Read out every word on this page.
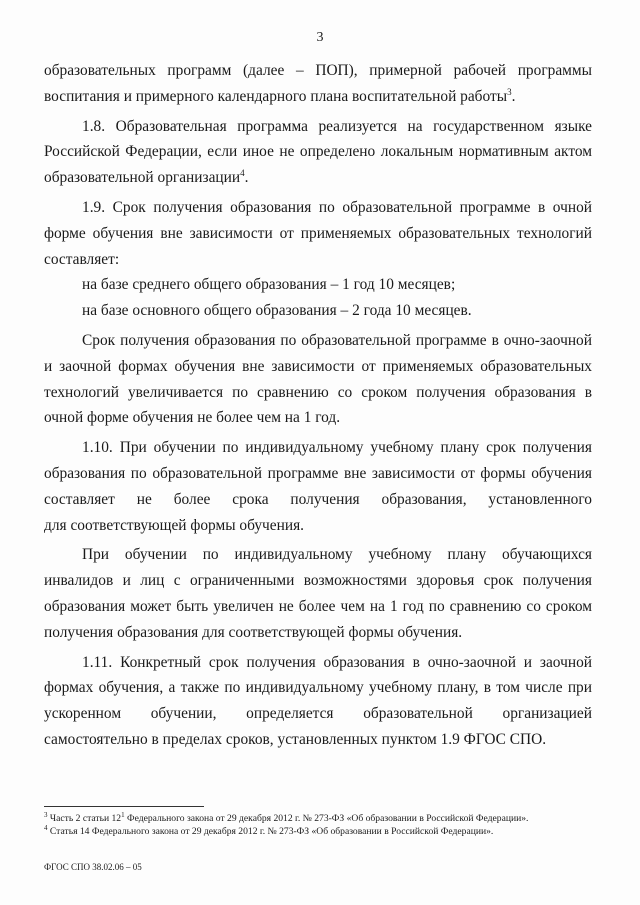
3

образовательных программ (далее – ПОП), примерной рабочей программы воспитания и примерного календарного плана воспитательной работы$^3$.

1.8. Образовательная программа реализуется на государственном языке Российской Федерации, если иное не определено локальным нормативным актом образовательной организации$^4$.

1.9. Срок получения образования по образовательной программе в очной форме обучения вне зависимости от применяемых образовательных технологий составляет:

на базе среднего общего образования – 1 год 10 месяцев;

на базе основного общего образования – 2 года 10 месяцев.

Срок получения образования по образовательной программе в очно-заочной и заочной формах обучения вне зависимости от применяемых образовательных технологий увеличивается по сравнению со сроком получения образования в очной форме обучения не более чем на 1 год.

1.10. При обучении по индивидуальному учебному плану срок получения образования по образовательной программе вне зависимости от формы обучения составляет не более срока получения образования, установленного

для соответствующей формы обучения.

При обучении по индивидуальному учебному плану обучающихся инвалидов и лиц с ограниченными возможностями здоровья срок получения образования может быть увеличен не более чем на 1 год по сравнению со сроком получения образования для соответствующей формы обучения.

1.11. Конкретный срок получения образования в очно-заочной и заочной формах обучения, а также по индивидуальному учебному плану, в том числе при ускоренном обучении, определяется образовательной организацией

самостоятельно в пределах сроков, установленных пунктом 1.9 ФГОС СПО.

$^3$ Часть 2 статьи $12^1$ Федерального закона от 29 декабря 2012 г. № 273-ФЗ «Об образовании в Российской Федерации».
$^4$ Статья 14 Федерального закона от 29 декабря 2012 г. № 273-ФЗ «Об образовании в Российской Федерации».
ФГОС СПО 38.02.06 – 05
